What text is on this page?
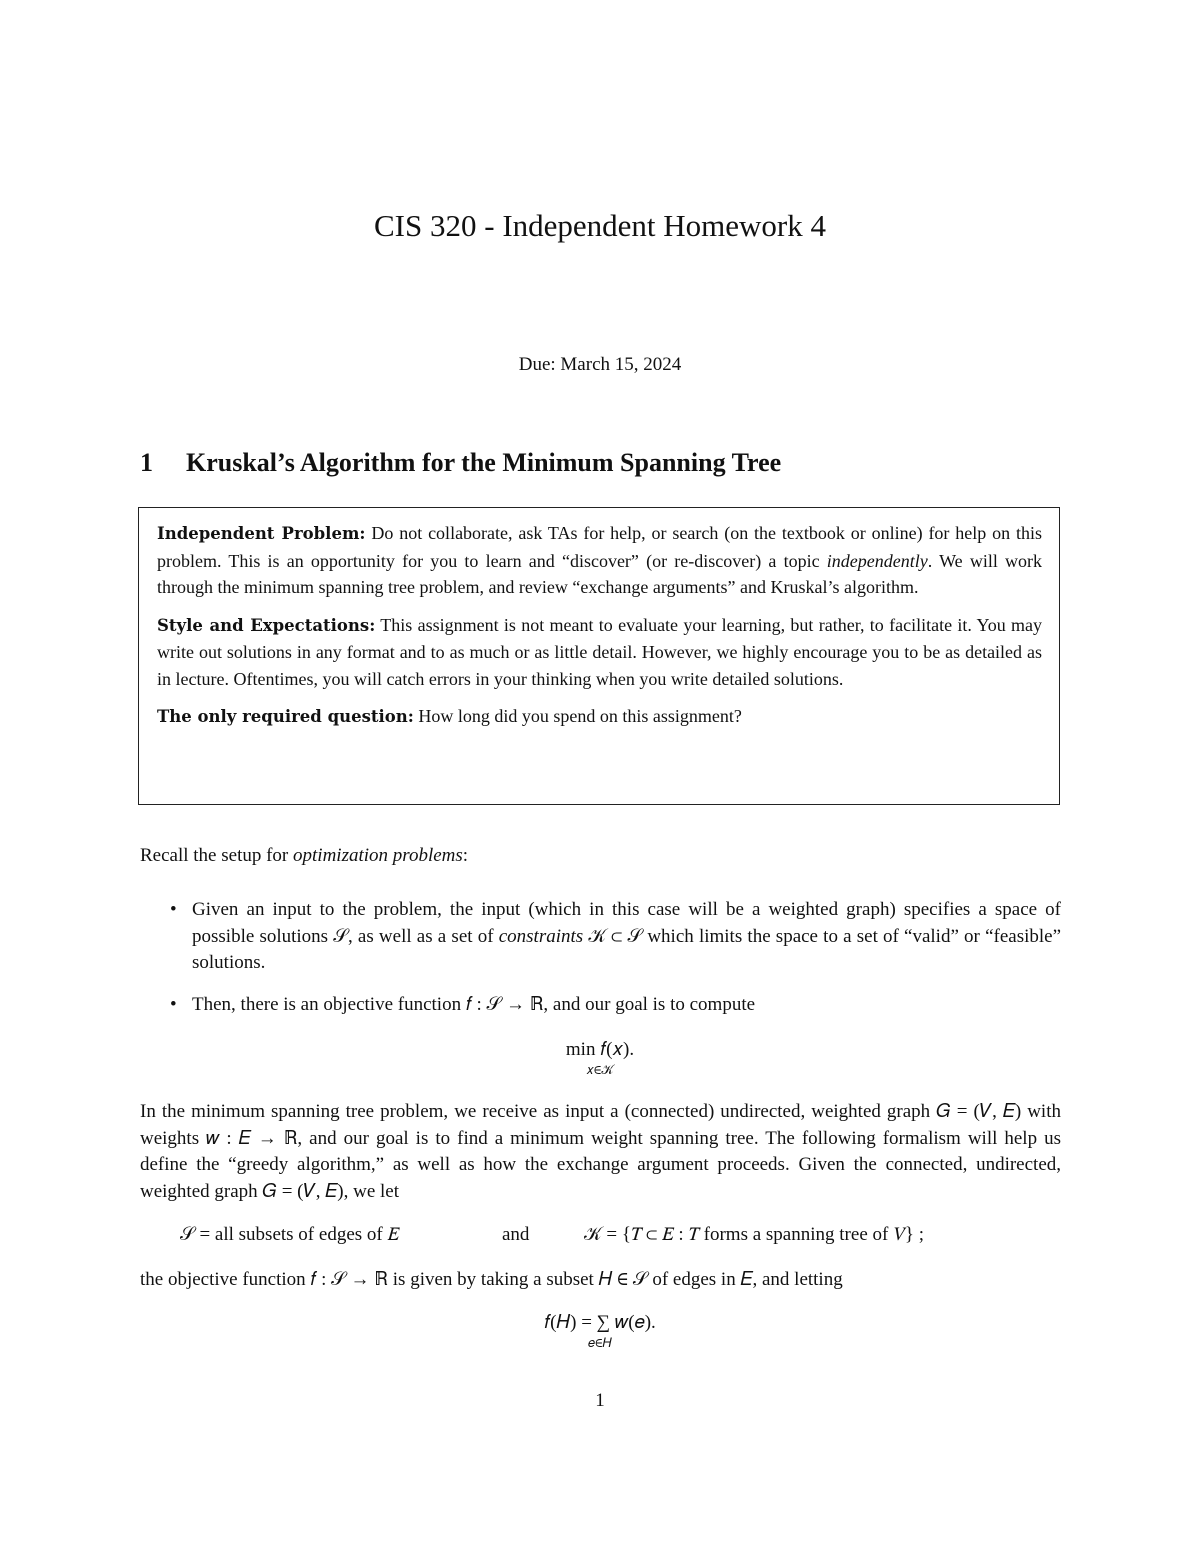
CIS 320 - Independent Homework 4
Due: March 15, 2024
1 Kruskal’s Algorithm for the Minimum Spanning Tree

Independent Problem: Do not collaborate, ask TAs for help, or search (on the textbook or online) for help on this problem. This is an opportunity for you to learn and “discover” (or re-discover) a topic independently. We will work through the minimum spanning tree problem, and review “exchange arguments” and Kruskal’s algorithm.

Style and Expectations: This assignment is not meant to evaluate your learning, but rather, to facilitate it. You may write out solutions in any format and to as much or as little detail. However, we highly encourage you to be as detailed as in lecture. Oftentimes, you will catch errors in your thinking when you write detailed solutions.

The only required question: How long did you spend on this assignment?

Recall the setup for optimization problems:
• Given an input to the problem, the input (which in this case will be a weighted graph) specifies a space of possible solutions 𝒮, as well as a set of constraints 𝒦 ⊂ 𝒮 which limits the space to a set of “valid” or “feasible” solutions.
• Then, there is an objective function 𝑓 : 𝒮 → ℝ, and our goal is to compute
min 𝑓(𝑥).
𝑥∈𝒦
In the minimum spanning tree problem, we receive as input a (connected) undirected, weighted graph 𝐺 = (𝑉, 𝐸) with weights 𝑤 : 𝐸 → ℝ, and our goal is to find a minimum weight spanning tree. The following formalism will help us define the “greedy algorithm,” as well as how the exchange argument proceeds. Given the connected, undirected, weighted graph 𝐺 = (𝑉, 𝐸), we let
𝒮 = all subsets of edges of 𝐸	and	𝒦 = {𝑇 ⊂ 𝐸 : 𝑇 forms a spanning tree of 𝑉} ;
the objective function 𝑓 : 𝒮 → ℝ is given by taking a subset 𝐻 ∈ 𝒮 of edges in 𝐸, and letting
𝑓(𝐻) = ∑ 𝑤(𝑒).
𝑒∈𝐻
1
